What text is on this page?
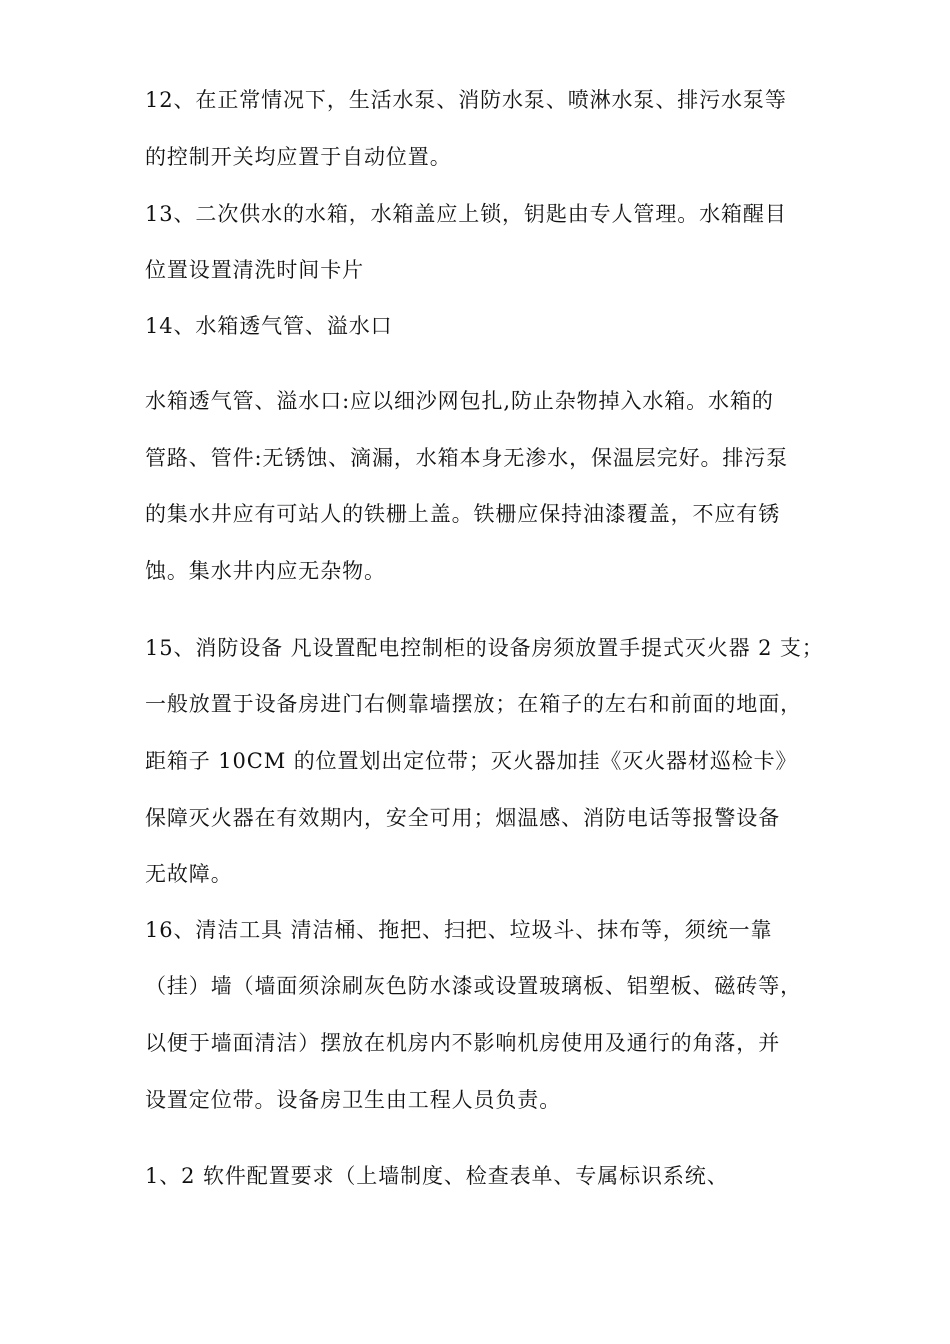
12、在正常情况下，生活水泵、消防水泵、喷淋水泵、排污水泵等
的控制开关均应置于自动位置。
13、二次供水的水箱，水箱盖应上锁，钥匙由专人管理。水箱醒目
位置设置清洗时间卡片
14、水箱透气管、溢水口
水箱透气管、溢水口:应以细沙网包扎,防止杂物掉入水箱。水箱的
管路、管件:无锈蚀、滴漏，水箱本身无渗水，保温层完好。排污泵
的集水井应有可站人的铁栅上盖。铁栅应保持油漆覆盖，不应有锈
蚀。集水井内应无杂物。
15、消防设备 凡设置配电控制柜的设备房须放置手提式灭火器 2 支；
一般放置于设备房进门右侧靠墙摆放；在箱子的左右和前面的地面，
距箱子 10CM 的位置划出定位带；灭火器加挂《灭火器材巡检卡》
保障灭火器在有效期内，安全可用；烟温感、消防电话等报警设备
无故障。
16、清洁工具 清洁桶、拖把、扫把、垃圾斗、抹布等，须统一靠
（挂）墙（墙面须涂刷灰色防水漆或设置玻璃板、铝塑板、磁砖等，
以便于墙面清洁）摆放在机房内不影响机房使用及通行的角落，并
设置定位带。设备房卫生由工程人员负责。
1、2 软件配置要求（上墙制度、检查表单、专属标识系统、
